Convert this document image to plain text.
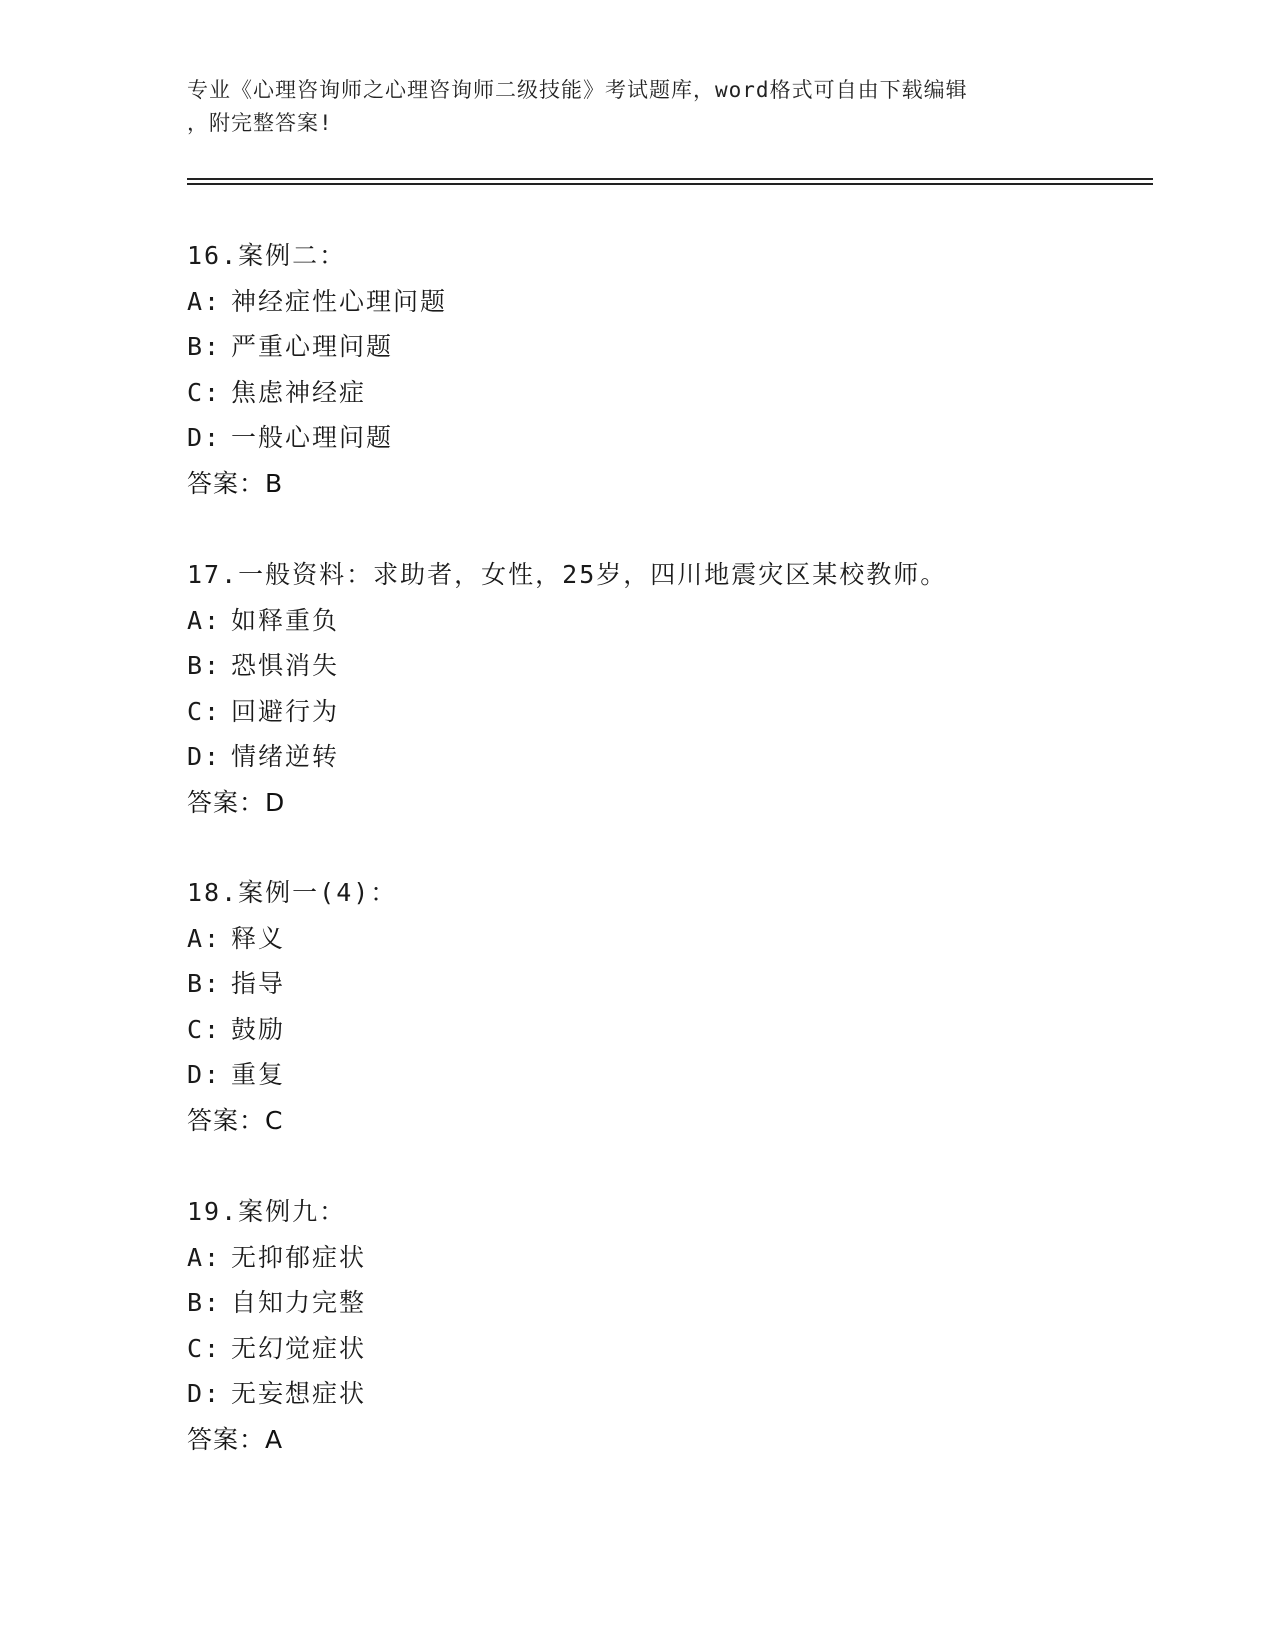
专业《心理咨询师之心理咨询师二级技能》考试题库，word格式可自由下载编辑
，附完整答案!
16.案例二：
A: 神经症性心理问题
B: 严重心理问题
C: 焦虑神经症
D: 一般心理问题
答案：B
17.一般资料：求助者，女性，25岁，四川地震灾区某校教师。
A: 如释重负
B: 恐惧消失
C: 回避行为
D: 情绪逆转
答案：D
18.案例一(4)：
A: 释义
B: 指导
C: 鼓励
D: 重复
答案：C
19.案例九：
A: 无抑郁症状
B: 自知力完整
C: 无幻觉症状
D: 无妄想症状
答案：A
